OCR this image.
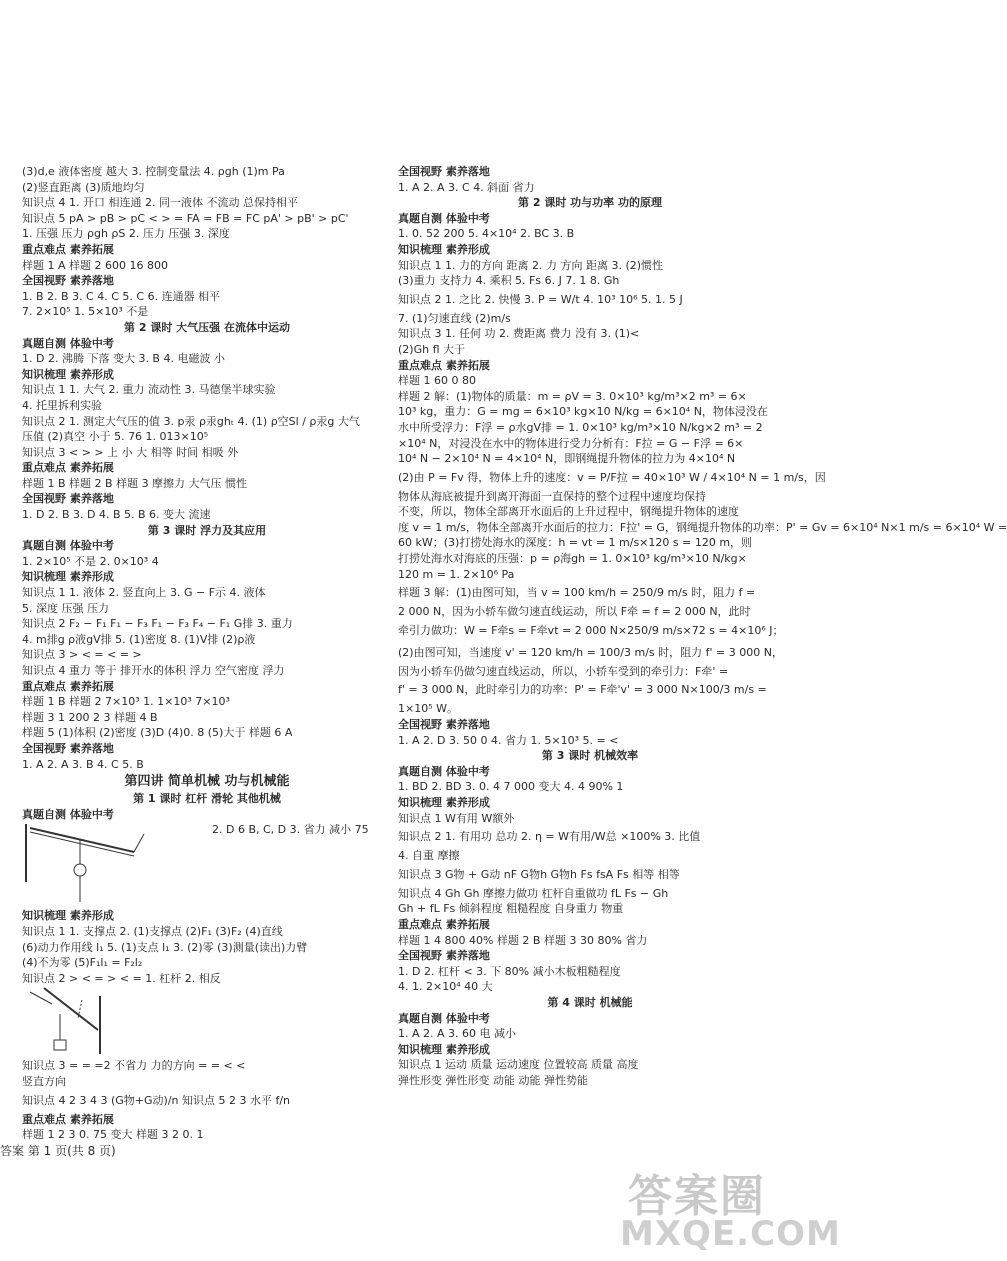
(3)d,e 液体密度 越大 3. 控制变量法 4. ρgh (1)m Pa
(2)竖直距离 (3)质地均匀
知识点 4 1. 开口 相连通 2. 同一液体 不流动 总保持相平
知识点 5 pA > pB > pC < > = FA = FB = FC pA' > pB' > pC'
1. 压强 压力 ρgh ρS 2. 压力 压强 3. 深度
重点难点 素养拓展
样题 1 A 样题 2 600 16 800
全国视野 素养落地
1. B 2. B 3. C 4. C 5. C 6. 连通器 相平
7. 2×10⁵ 1. 5×10³ 不是
第 2 课时 大气压强 在流体中运动
真题自测 体验中考
1. D 2. 沸腾 下落 变大 3. B 4. 电磁波 小
知识梳理 素养形成
知识点 1 1. 大气 2. 重力 流动性 3. 马德堡半球实验
4. 托里拆利实验
知识点 2 1. 测定大气压的值 3. p汞 ρ汞ghₜ 4. (1) ρ空Sl / ρ汞g 大气
压值 (2)真空 小于 5. 76 1. 013×10⁵
知识点 3 < > > 上 小 大 相等 时间 相吸 外
重点难点 素养拓展
样题 1 B 样题 2 B 样题 3 摩擦力 大气压 惯性
全国视野 素养落地
1. D 2. B 3. D 4. B 5. B 6. 变大 流速
第 3 课时 浮力及其应用
真题自测 体验中考
1. 2×10⁵ 不是 2. 0×10³ 4
知识梳理 素养形成
知识点 1 1. 液体 2. 竖直向上 3. G − F示 4. 液体
5. 深度 压强 压力
知识点 2 F₂ − F₁ F₁ − F₃ F₁ − F₃ F₄ − F₁ G排 3. 重力
4. m排g ρ液gV排 5. (1)密度 8. (1)V排 (2)ρ液
知识点 3 > < = < = >
知识点 4 重力 等于 排开水的体积 浮力 空气密度 浮力
重点难点 素养拓展
样题 1 B 样题 2 7×10³ 1. 1×10³ 7×10³
样题 3 1 200 2 3 样题 4 B
样题 5 (1)体积 (2)密度 (3)D (4)0. 8 (5)大于 样题 6 A
全国视野 素养落地
1. A 2. A 3. B 4. C 5. B
第四讲 简单机械 功与机械能
第 1 课时 杠杆 滑轮 其他机械
真题自测 体验中考
2. D 6 B, C, D 3. 省力 减小 75
知识梳理 素养形成
知识点 1 1. 支撑点 2. (1)支撑点 (2)F₁ (3)F₂ (4)直线
(6)动力作用线 l₁ 5. (1)支点 l₁ 3. (2)零 (3)测量(读出)力臂
(4)不为零 (5)F₁l₁ = F₂l₂
知识点 2 > < = > < = 1. 杠杆 2. 相反
知识点 3 = = =2 不省力 力的方向 = = < <
竖直方向
知识点 4 2 3 4 3 (G物+G动)/n 知识点 5 2 3 水平 f/n
重点难点 素养拓展
样题 1 2 3 0. 75 变大 样题 3 2 0. 1
全国视野 素养落地
1. A 2. A 3. C 4. 斜面 省力
第 2 课时 功与功率 功的原理
真题自测 体验中考
1. 0. 52 200 5. 4×10⁴ 2. BC 3. B
知识梳理 素养形成
知识点 1 1. 力的方向 距离 2. 力 方向 距离 3. (2)惯性
(3)重力 支持力 4. 乘积 5. Fs 6. J 7. 1 8. Gh
知识点 2 1. 之比 2. 快慢 3. P = W/t 4. 10³ 10⁶ 5. 1. 5 J
7. (1)匀速直线 (2)m/s
知识点 3 1. 任何 功 2. 费距离 费力 没有 3. (1)<
(2)Gh fl 大于
重点难点 素养拓展
样题 1 60 0 80
样题 2 解：(1)物体的质量：m = ρV = 3. 0×10³ kg/m³×2 m³ = 6×
10³ kg，重力：G = mg = 6×10³ kg×10 N/kg = 6×10⁴ N，物体浸没在
水中所受浮力：F浮 = ρ水gV排 = 1. 0×10³ kg/m³×10 N/kg×2 m³ = 2
×10⁴ N，对浸没在水中的物体进行受力分析有：F拉 = G − F浮 = 6×
10⁴ N − 2×10⁴ N = 4×10⁴ N，即钢绳提升物体的拉力为 4×10⁴ N
(2)由 P = Fv 得，物体上升的速度：v = P/F拉 = 40×10³ W / 4×10⁴ N = 1 m/s，因
物体从海底被提升到离开海面一直保持的整个过程中速度均保持
不变，所以，物体全部离开水面后的上升过程中，钢绳提升物体的速度
度 v = 1 m/s，物体全部离开水面后的拉力：F拉' = G，钢绳提升物体的功率：P' = Gv = 6×10⁴ N×1 m/s = 6×10⁴ W =
60 kW；(3)打捞处海水的深度：h = vt = 1 m/s×120 s = 120 m，则
打捞处海水对海底的压强：p = ρ海gh = 1. 0×10³ kg/m³×10 N/kg×
120 m = 1. 2×10⁶ Pa
样题 3 解：(1)由图可知，当 v = 100 km/h = 250/9 m/s 时，阻力 f =
2 000 N，因为小轿车做匀速直线运动，所以 F牵 = f = 2 000 N，此时
牵引力做功：W = F牵s = F牵vt = 2 000 N×250/9 m/s×72 s = 4×10⁶ J；
(2)由图可知，当速度 v' = 120 km/h = 100/3 m/s 时，阻力 f' = 3 000 N，
因为小轿车仍做匀速直线运动，所以，小轿车受到的牵引力：F牵' =
f' = 3 000 N，此时牵引力的功率：P' = F牵'v' = 3 000 N×100/3 m/s =
1×10⁵ W。
全国视野 素养落地
1. A 2. D 3. 50 0 4. 省力 1. 5×10³ 5. = <
第 3 课时 机械效率
真题自测 体验中考
1. BD 2. BD 3. 0. 4 7 000 变大 4. 4 90% 1
知识梳理 素养形成
知识点 1 W有用 W额外
知识点 2 1. 有用功 总功 2. η = W有用/W总 ×100% 3. 比值
4. 自重 摩擦
知识点 3 G物 + G动 nF G物h G物h Fs fsA Fs 相等 相等
知识点 4 Gh Gh 摩擦力做功 杠杆自重做功 fL Fs − Gh
Gh + fL Fs 倾斜程度 粗糙程度 自身重力 物重
重点难点 素养拓展
样题 1 4 800 40% 样题 2 B 样题 3 30 80% 省力
全国视野 素养落地
1. D 2. 杠杆 < 3. 下 80% 减小木板粗糙程度
4. 1. 2×10⁴ 40 大
第 4 课时 机械能
真题自测 体验中考
1. A 2. A 3. 60 电 减小
知识梳理 素养形成
知识点 1 运动 质量 运动速度 位置较高 质量 高度
弹性形变 弹性形变 动能 动能 弹性势能
答案 第 1 页(共 8 页)
答案圈
MXQE.COM
